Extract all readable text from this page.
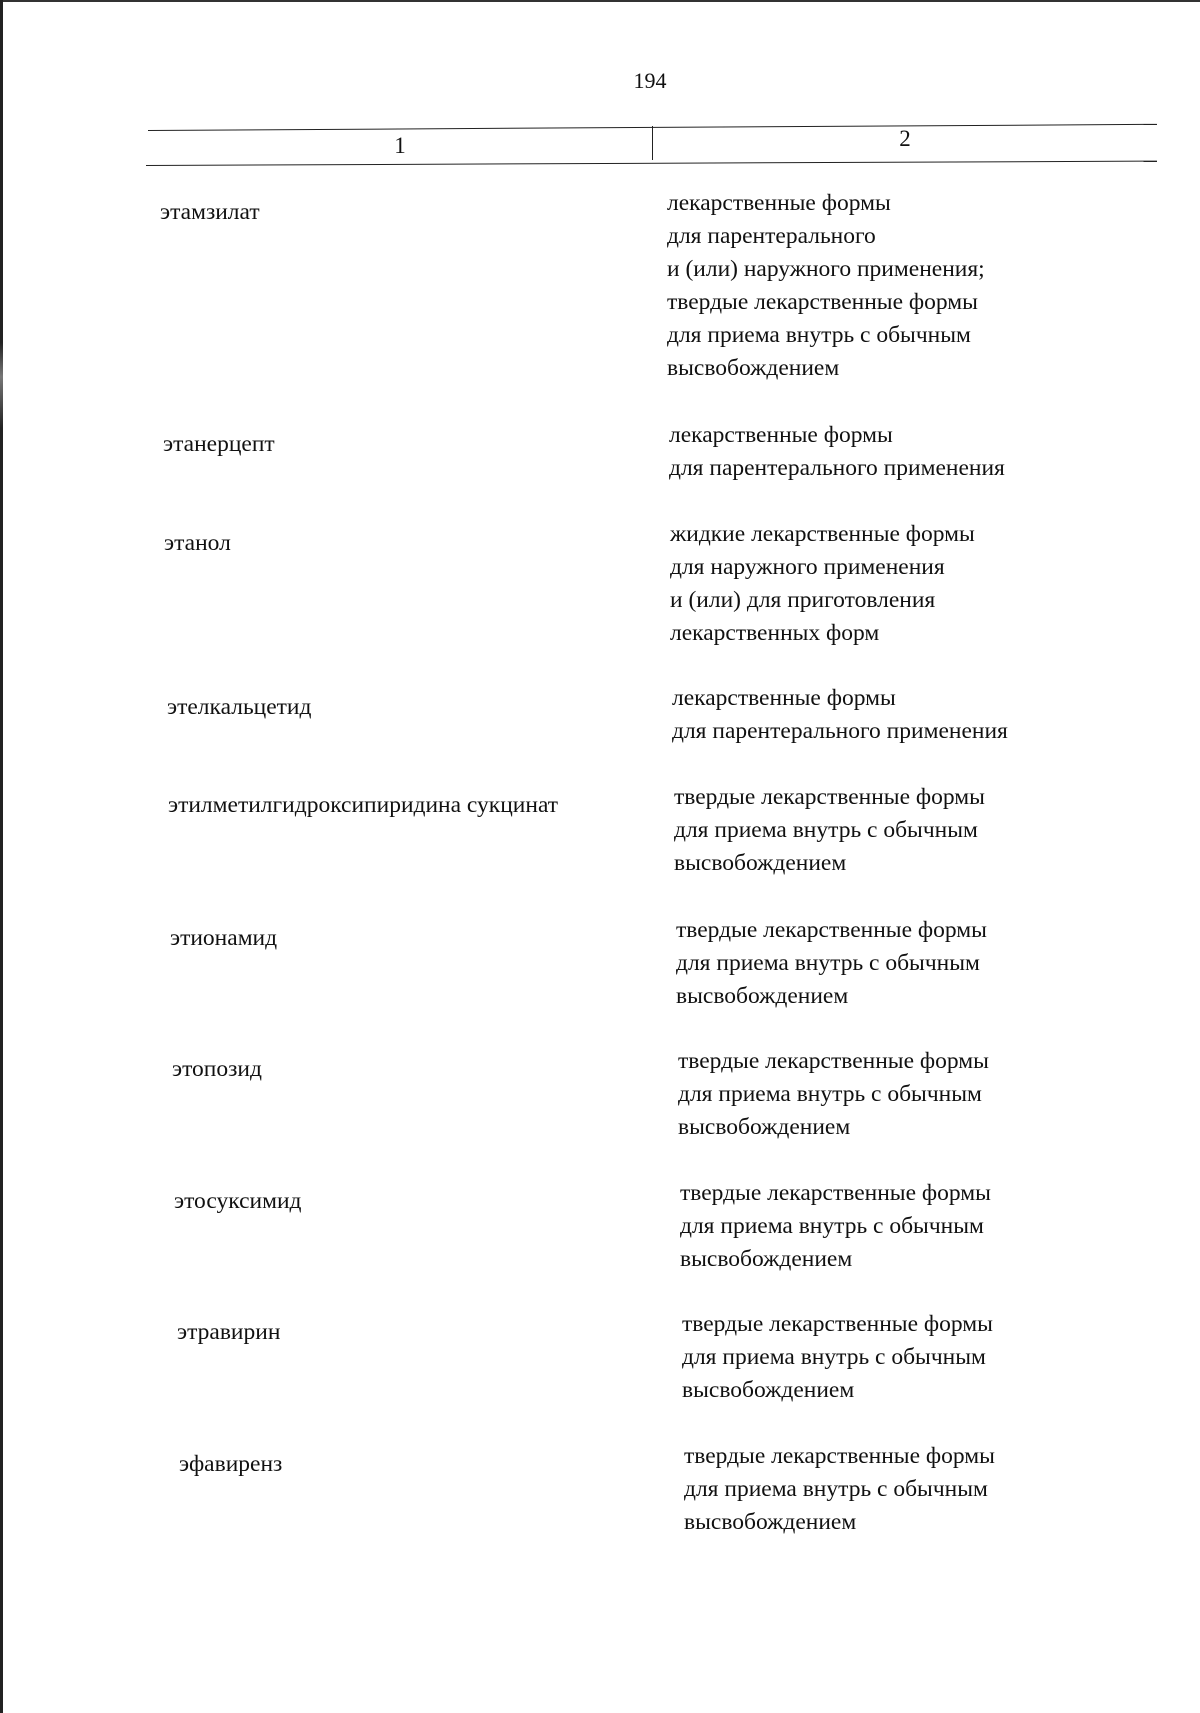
194
1	2
этамзилат	лекарственные формы
для парентерального
и (или) наружного применения;
твердые лекарственные формы
для приема внутрь с обычным
высвобождением
этанерцепт	лекарственные формы
для парентерального применения
этанол	жидкие лекарственные формы
для наружного применения
и (или) для приготовления
лекарственных форм
этелкальцетид	лекарственные формы
для парентерального применения
этилметилгидроксипиридина сукцинат	твердые лекарственные формы
для приема внутрь с обычным
высвобождением
этионамид	твердые лекарственные формы
для приема внутрь с обычным
высвобождением
этопозид	твердые лекарственные формы
для приема внутрь с обычным
высвобождением
этосуксимид	твердые лекарственные формы
для приема внутрь с обычным
высвобождением
этравирин	твердые лекарственные формы
для приема внутрь с обычным
высвобождением
эфавиренз	твердые лекарственные формы
для приема внутрь с обычным
высвобождением
